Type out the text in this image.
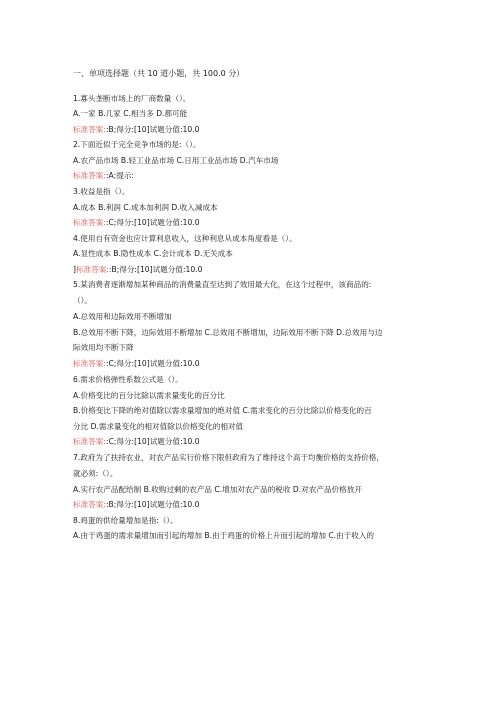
一、单项选择题（共 10 道小题，共 100.0 分）
1.寡头垄断市场上的厂商数量（）。
A.一家 B.几家 C.相当多 D.都可能
标准答案::B;得分:[10]试题分值:10.0
2.下面近似于完全竞争市场的是:（）。
A.农产品市场 B.轻工业品市场 C.日用工业品市场 D.汽车市场
标准答案::A;提示:
3.收益是指（）。
A.成本 B.利润 C.成本加利润 D.收入减成本
标准答案::C;得分:[10]试题分值:10.0
4.使用自有资金也应计算利息收入，这种利息从成本角度看是（）。
A.显性成本 B.隐性成本 C.会计成本 D.无关成本
]标准答案::B;得分:[10]试题分值:10.0
5.某消费者逐渐增加某种商品的消费量直至达到了效用最大化，在这个过程中，该商品的:
（）。
A.总效用和边际效用不断增加
B.总效用不断下降，边际效用不断增加 C.总效用不断增加，边际效用不断下降 D.总效用与边
际效用均不断下降
标准答案::C;得分:[10]试题分值:10.0
6.需求价格弹性系数公式是（）。
A.价格变比的百分比除以需求量变化的百分比
B.价格变比下降的绝对值除以需求量增加的绝对值 C.需求变化的百分比除以价格变化的百
分比 D.需求量变化的相对值除以价格变化的相对值
标准答案::C;得分:[10]试题分值:10.0
7.政府为了扶持农业，对农产品实行价格下限但政府为了维持这个高于均衡价格的支持价格，
就必须:（）。
A.实行农产品配给制 B.收购过剩的农产品 C.增加对农产品的税收 D.对农产品价格放开
标准答案::B;得分:[10]试题分值:10.0
8.鸡蛋的供给量增加是指:（）。
A.由于鸡蛋的需求量增加而引起的增加 B.由于鸡蛋的价格上升而引起的增加 C.由于收入的
